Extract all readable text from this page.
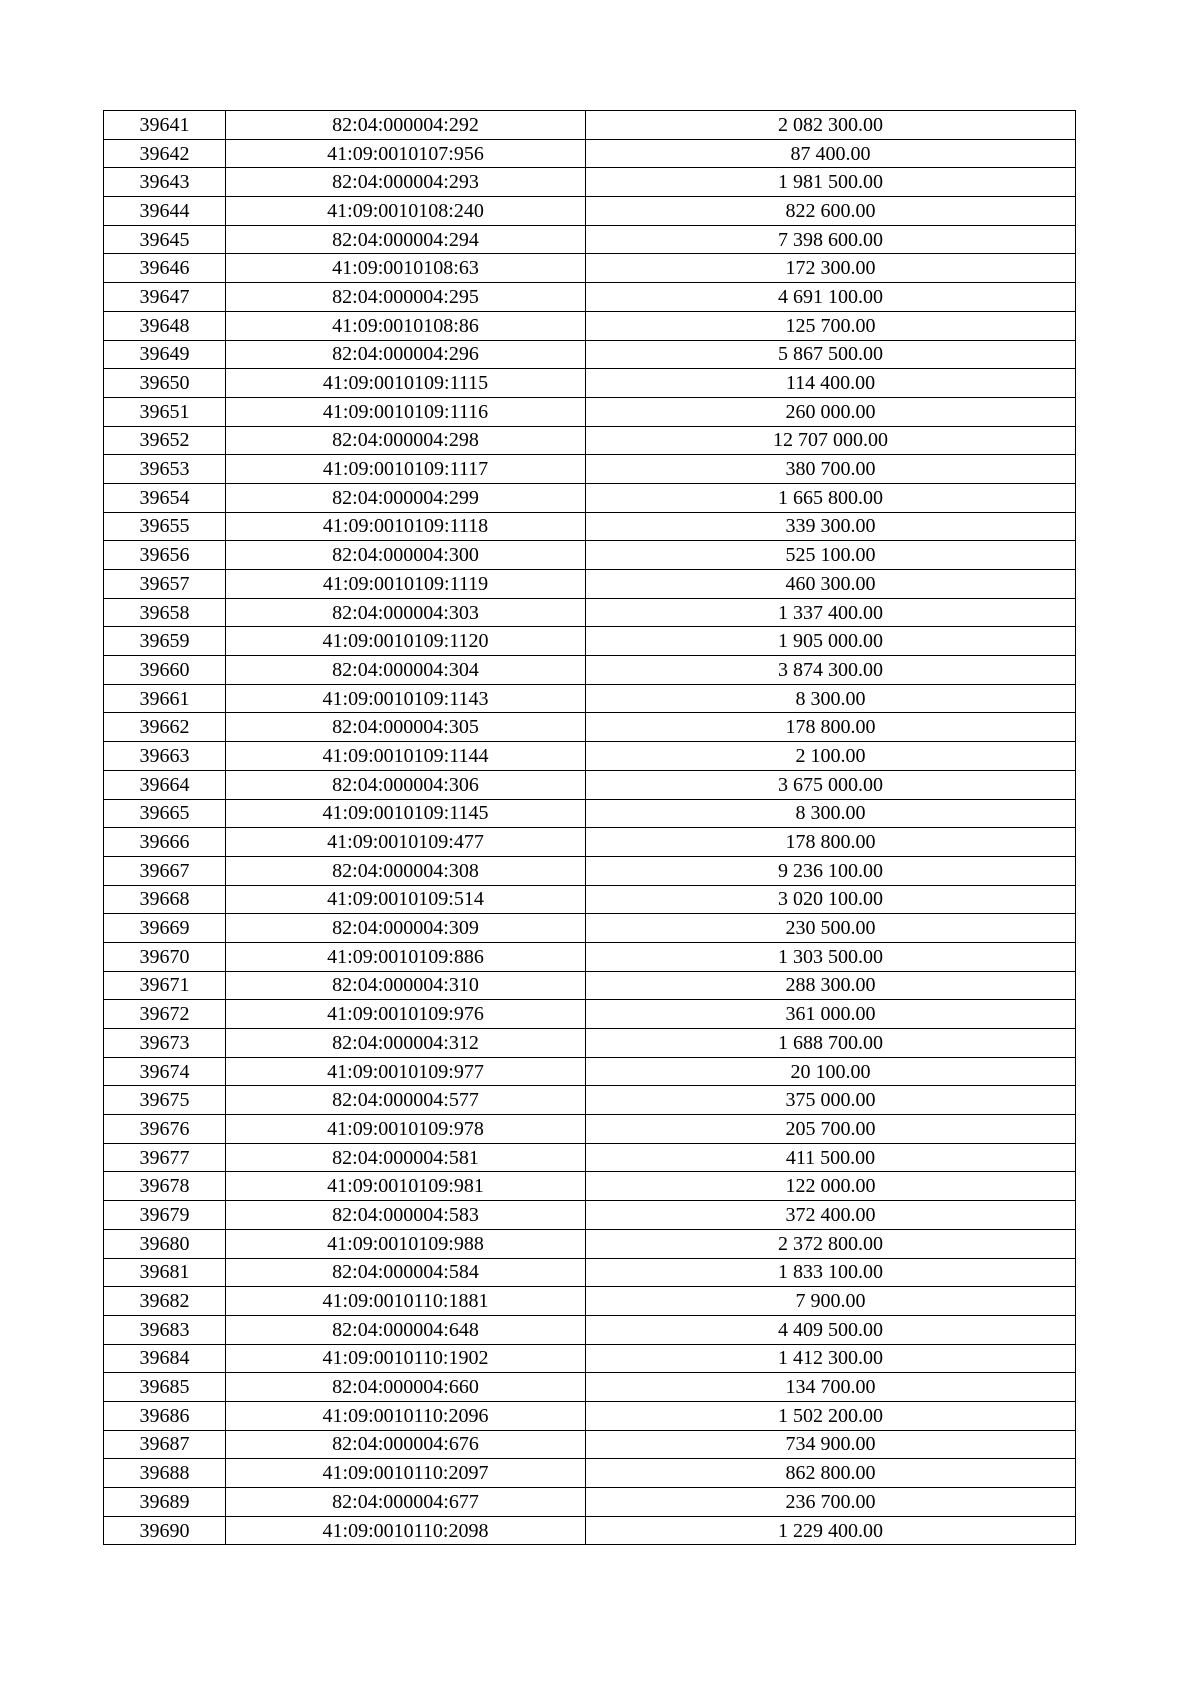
39641	82:04:000004:292	2 082 300.00
39642	41:09:0010107:956	87 400.00
39643	82:04:000004:293	1 981 500.00
39644	41:09:0010108:240	822 600.00
39645	82:04:000004:294	7 398 600.00
39646	41:09:0010108:63	172 300.00
39647	82:04:000004:295	4 691 100.00
39648	41:09:0010108:86	125 700.00
39649	82:04:000004:296	5 867 500.00
39650	41:09:0010109:1115	114 400.00
39651	41:09:0010109:1116	260 000.00
39652	82:04:000004:298	12 707 000.00
39653	41:09:0010109:1117	380 700.00
39654	82:04:000004:299	1 665 800.00
39655	41:09:0010109:1118	339 300.00
39656	82:04:000004:300	525 100.00
39657	41:09:0010109:1119	460 300.00
39658	82:04:000004:303	1 337 400.00
39659	41:09:0010109:1120	1 905 000.00
39660	82:04:000004:304	3 874 300.00
39661	41:09:0010109:1143	8 300.00
39662	82:04:000004:305	178 800.00
39663	41:09:0010109:1144	2 100.00
39664	82:04:000004:306	3 675 000.00
39665	41:09:0010109:1145	8 300.00
39666	41:09:0010109:477	178 800.00
39667	82:04:000004:308	9 236 100.00
39668	41:09:0010109:514	3 020 100.00
39669	82:04:000004:309	230 500.00
39670	41:09:0010109:886	1 303 500.00
39671	82:04:000004:310	288 300.00
39672	41:09:0010109:976	361 000.00
39673	82:04:000004:312	1 688 700.00
39674	41:09:0010109:977	20 100.00
39675	82:04:000004:577	375 000.00
39676	41:09:0010109:978	205 700.00
39677	82:04:000004:581	411 500.00
39678	41:09:0010109:981	122 000.00
39679	82:04:000004:583	372 400.00
39680	41:09:0010109:988	2 372 800.00
39681	82:04:000004:584	1 833 100.00
39682	41:09:0010110:1881	7 900.00
39683	82:04:000004:648	4 409 500.00
39684	41:09:0010110:1902	1 412 300.00
39685	82:04:000004:660	134 700.00
39686	41:09:0010110:2096	1 502 200.00
39687	82:04:000004:676	734 900.00
39688	41:09:0010110:2097	862 800.00
39689	82:04:000004:677	236 700.00
39690	41:09:0010110:2098	1 229 400.00
